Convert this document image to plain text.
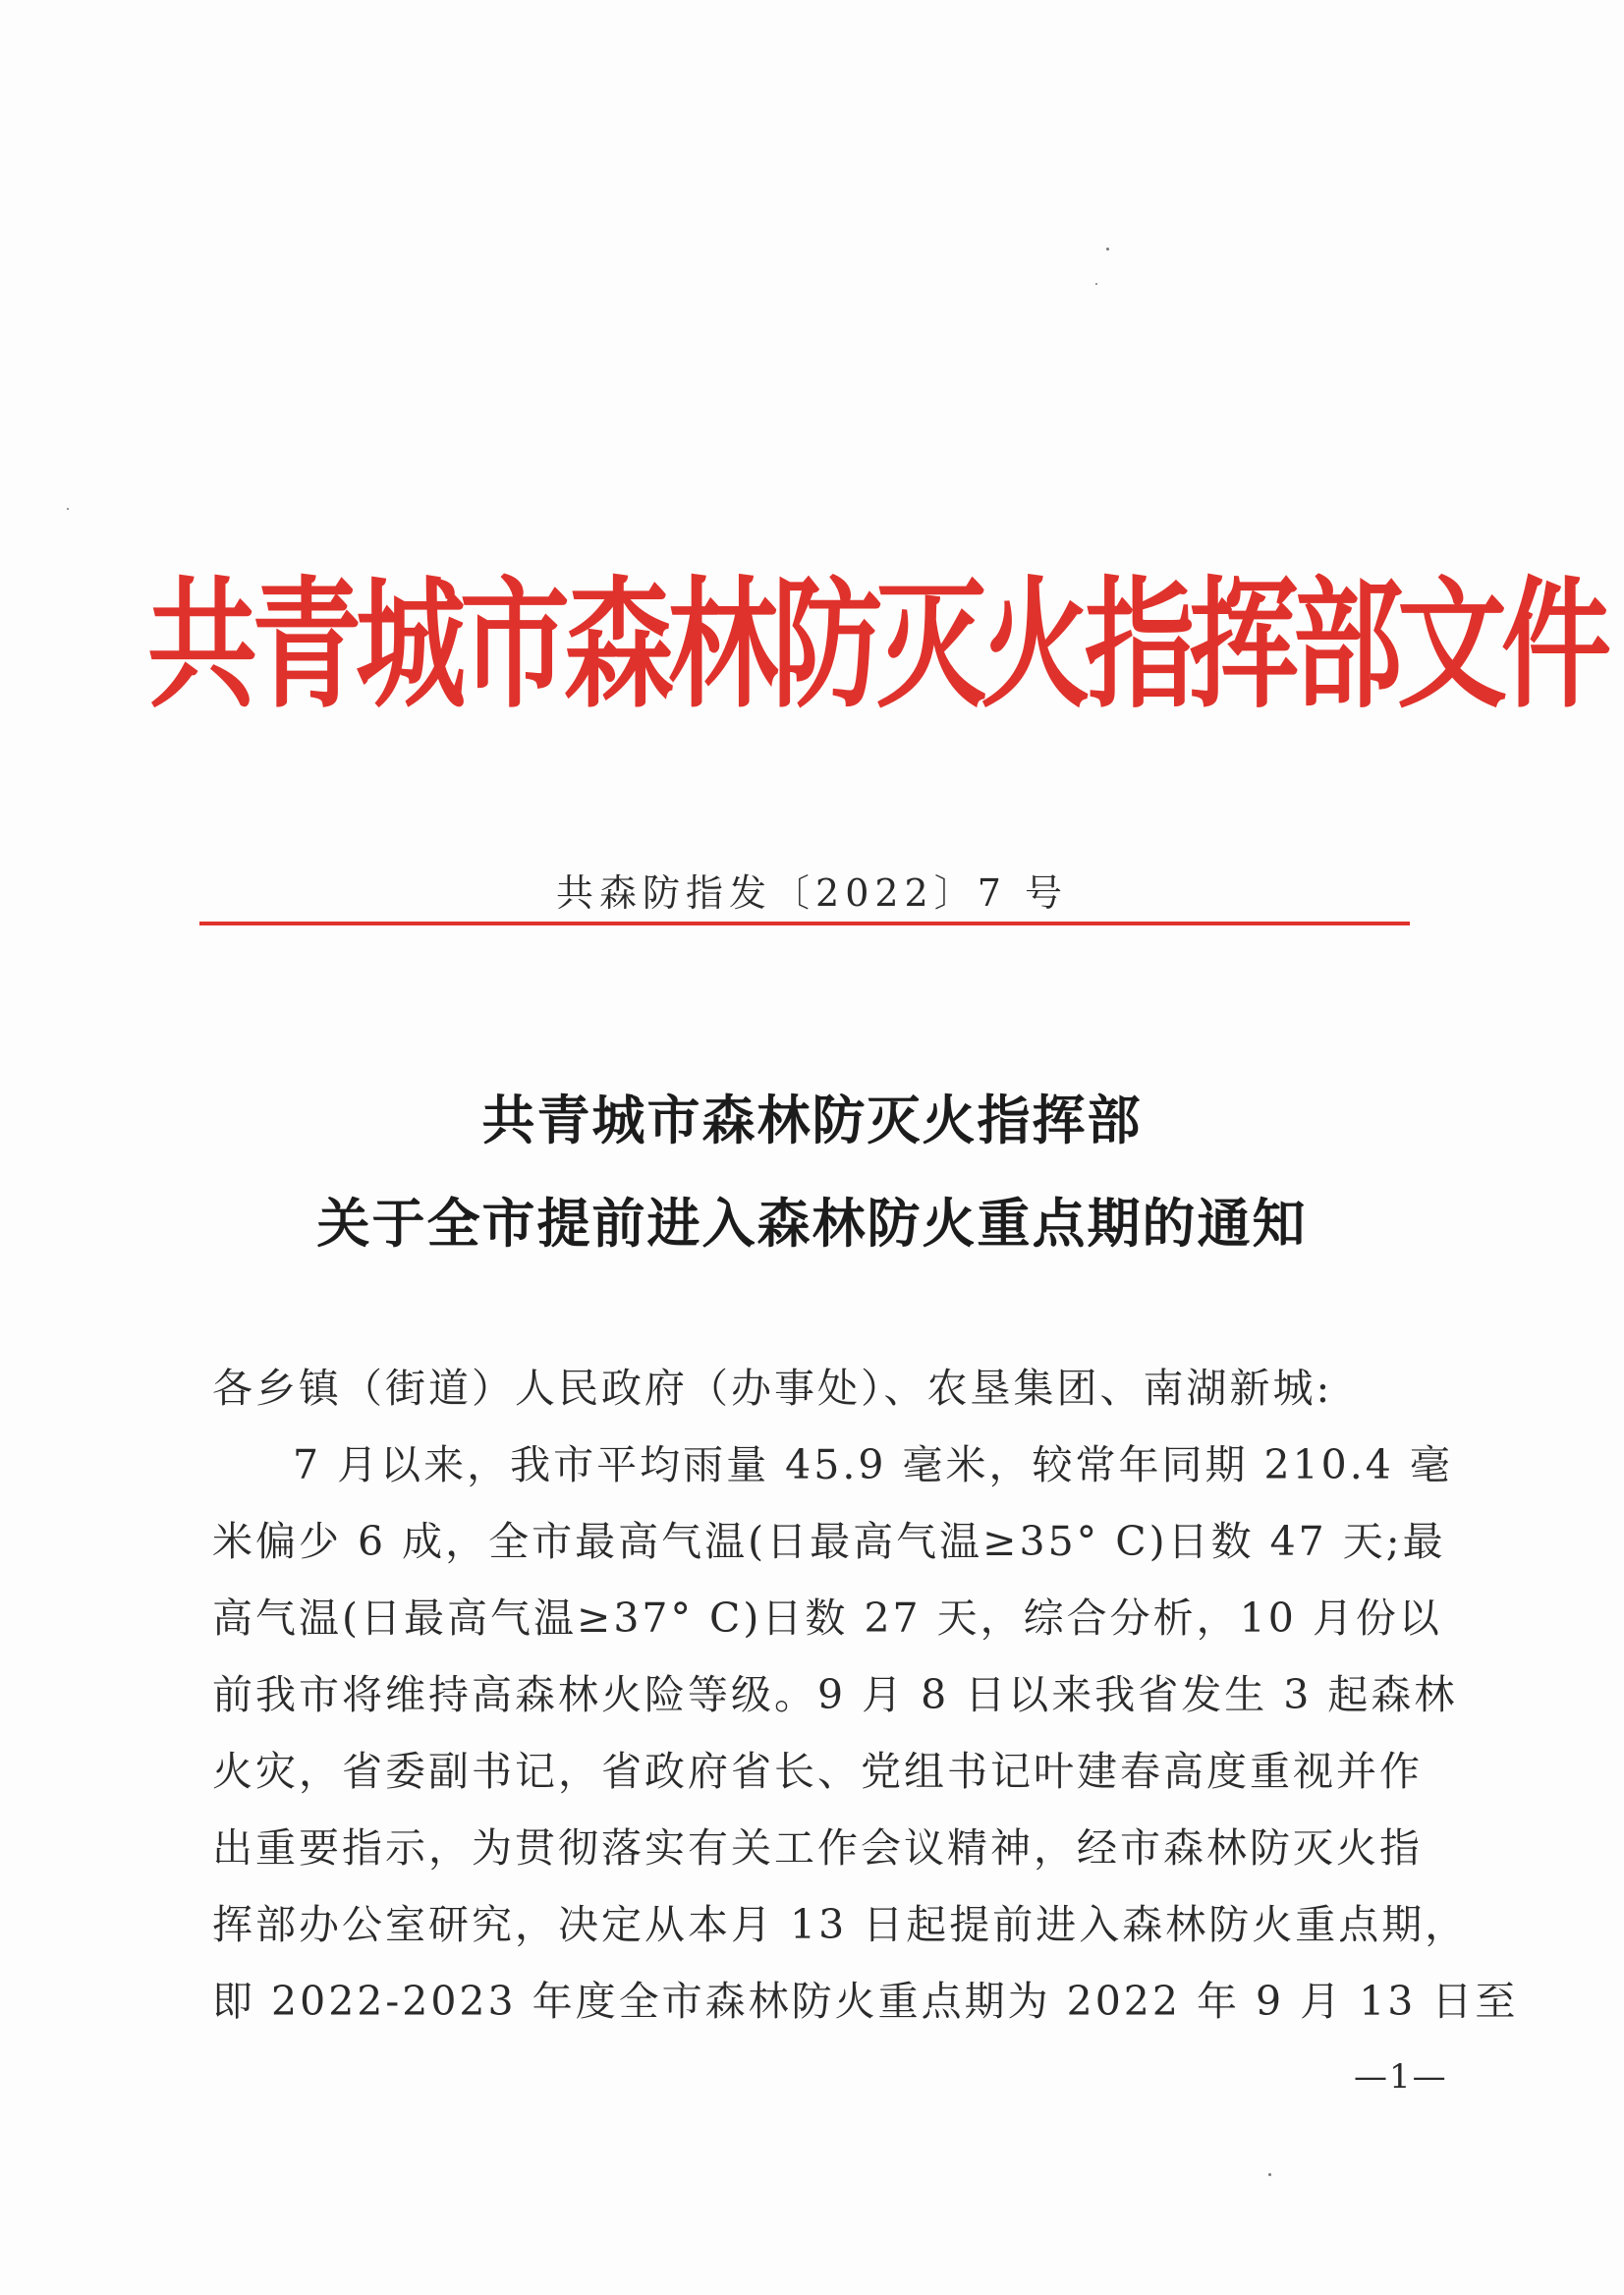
共青城市森林防灭火指挥部文件
共森防指发〔2022〕7 号
共青城市森林防灭火指挥部
关于全市提前进入森林防火重点期的通知
各乡镇（街道）人民政府（办事处）、农垦集团、南湖新城:
7 月以来，我市平均雨量 45.9 毫米，较常年同期 210.4 毫
米偏少 6 成，全市最高气温(日最高气温≥35° C)日数 47 天;最
高气温(日最高气温≥37° C)日数 27 天，综合分析，10 月份以
前我市将维持高森林火险等级。9 月 8 日以来我省发生 3 起森林
火灾，省委副书记，省政府省长、党组书记叶建春高度重视并作
出重要指示，为贯彻落实有关工作会议精神，经市森林防灭火指
挥部办公室研究，决定从本月 13 日起提前进入森林防火重点期，
即 2022-2023 年度全市森林防火重点期为 2022 年 9 月 13 日至
—1—
